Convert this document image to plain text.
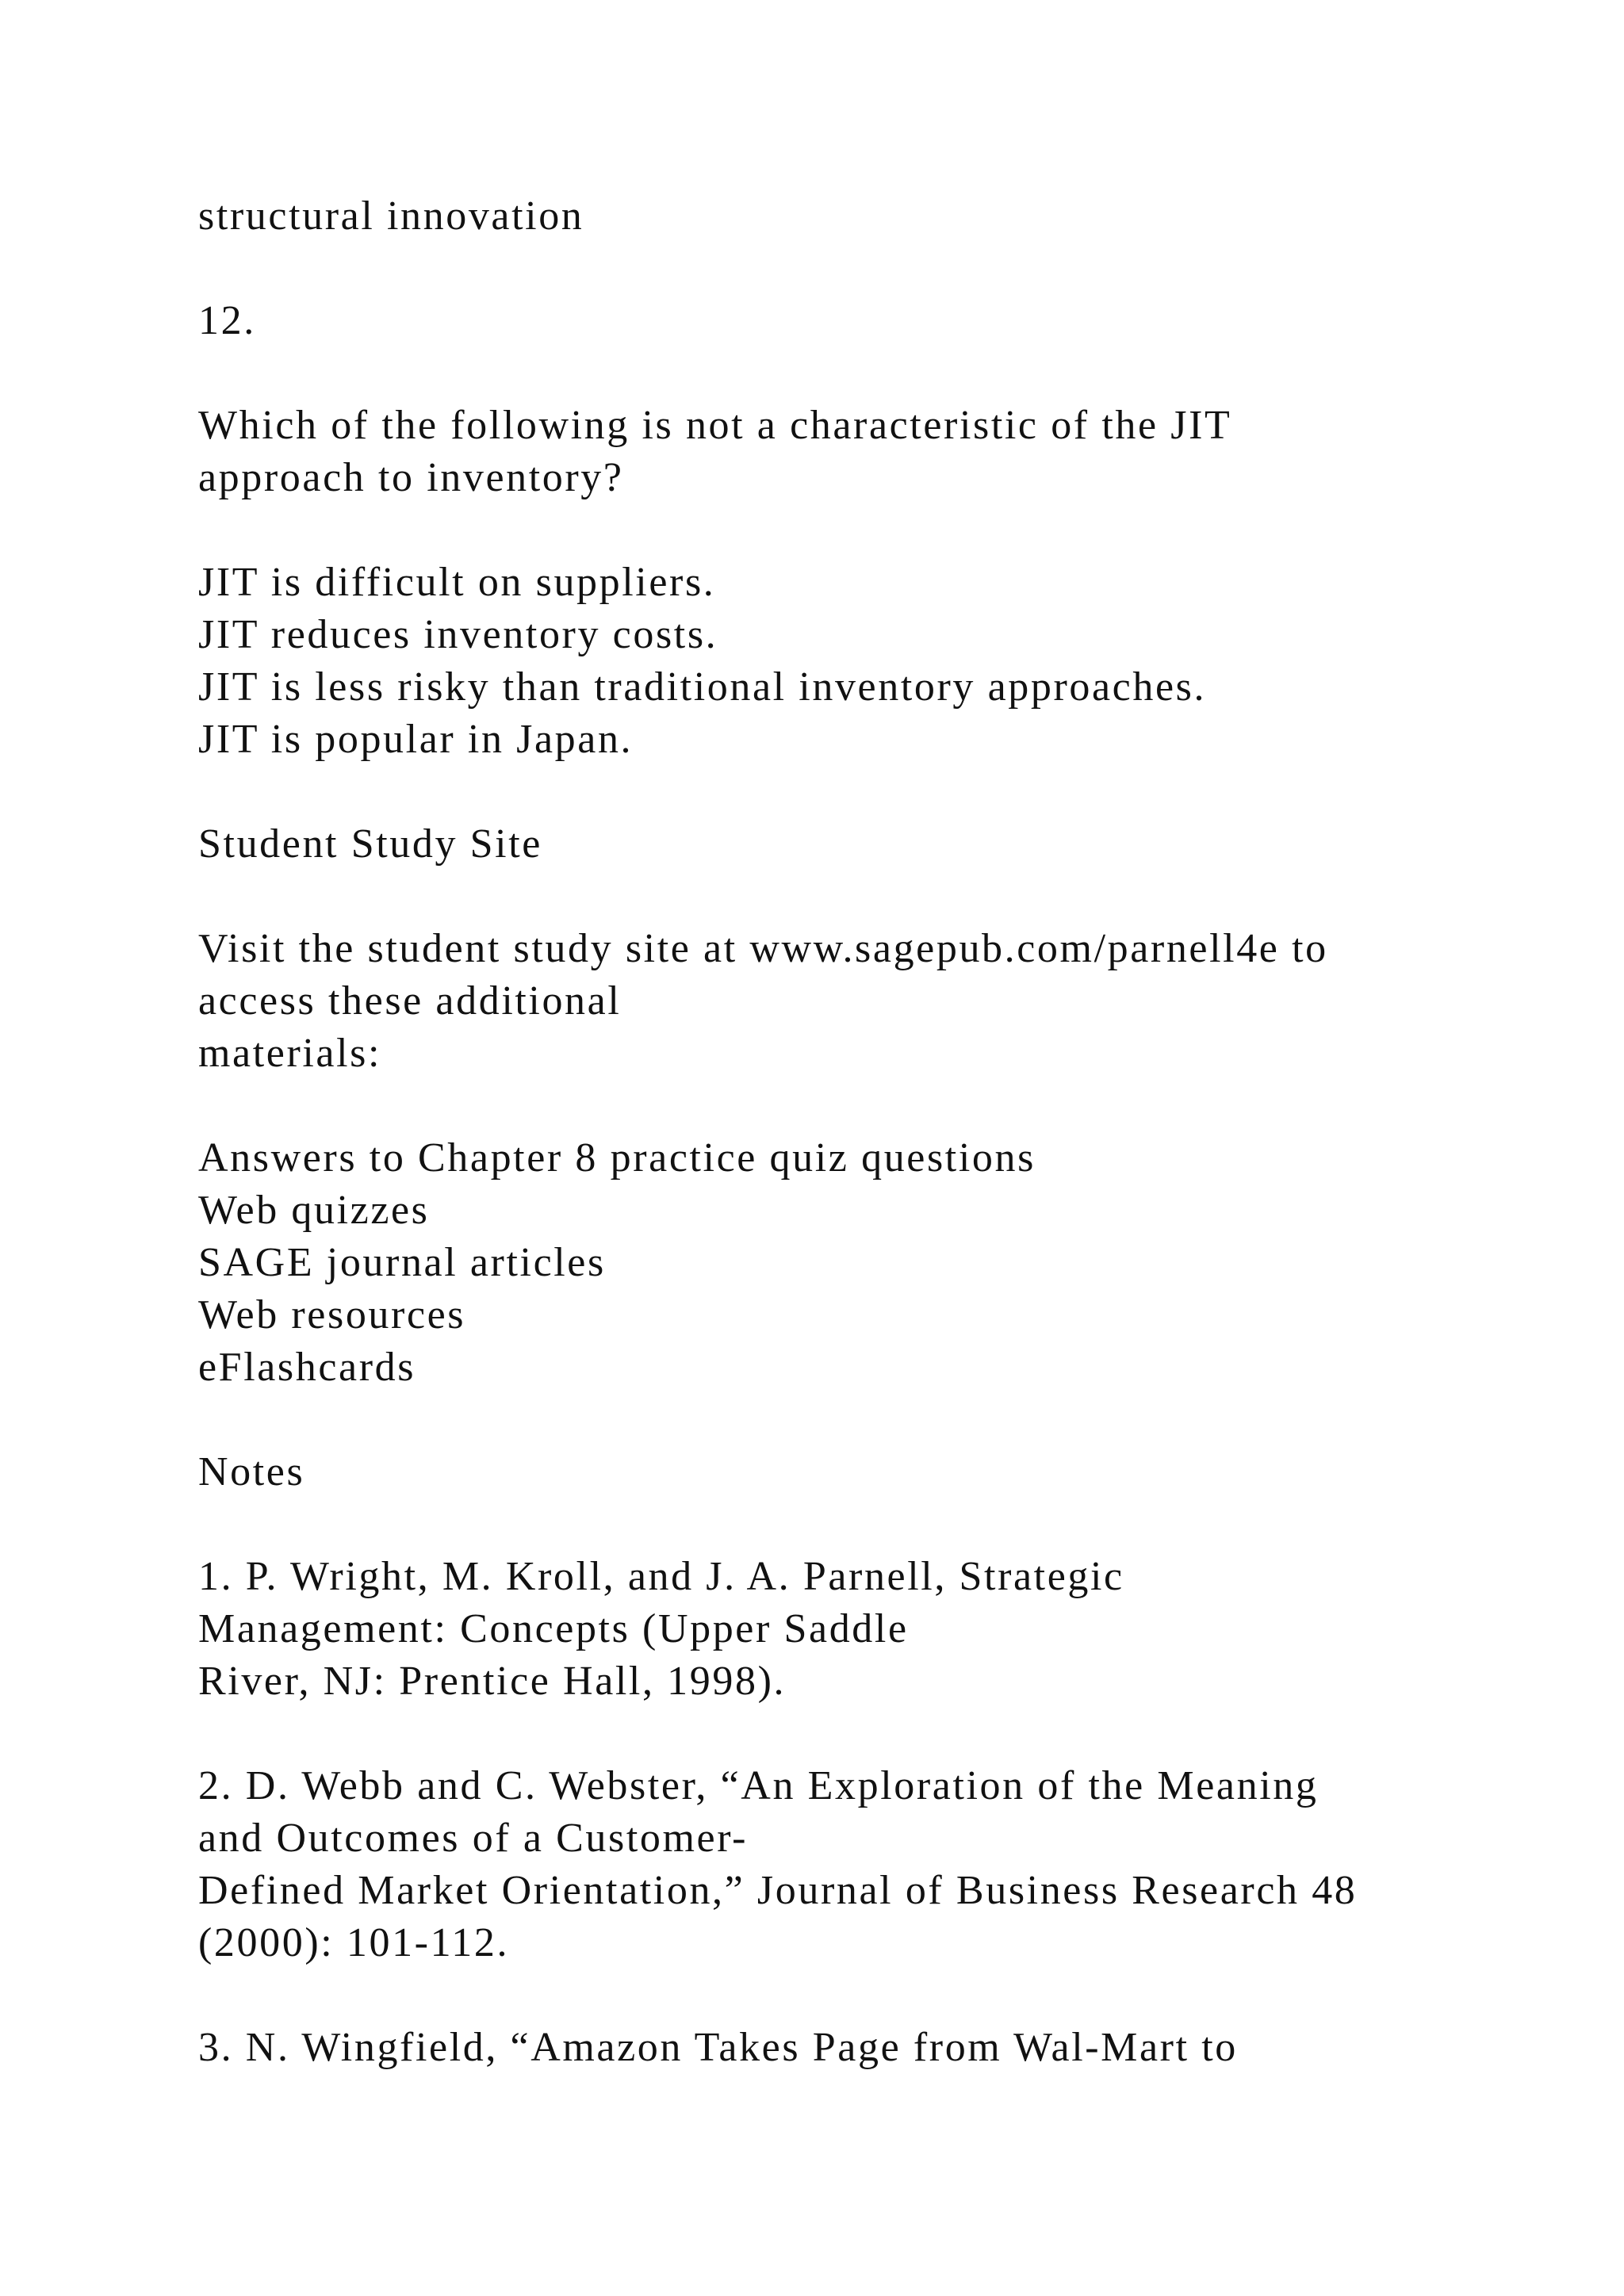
structural innovation
12.
Which of the following is not a characteristic of the JIT
approach to inventory?
JIT is difficult on suppliers.
JIT reduces inventory costs.
JIT is less risky than traditional inventory approaches.
JIT is popular in Japan.
Student Study Site
Visit the student study site at www.sagepub.com/parnell4e to
access these additional
materials:
Answers to Chapter 8 practice quiz questions
Web quizzes
SAGE journal articles
Web resources
eFlashcards
Notes
1. P. Wright, M. Kroll, and J. A. Parnell, Strategic
Management: Concepts (Upper Saddle
River, NJ: Prentice Hall, 1998).
2. D. Webb and C. Webster, “An Exploration of the Meaning
and Outcomes of a Customer-
Defined Market Orientation,” Journal of Business Research 48
(2000): 101-112.
3. N. Wingfield, “Amazon Takes Page from Wal-Mart to
